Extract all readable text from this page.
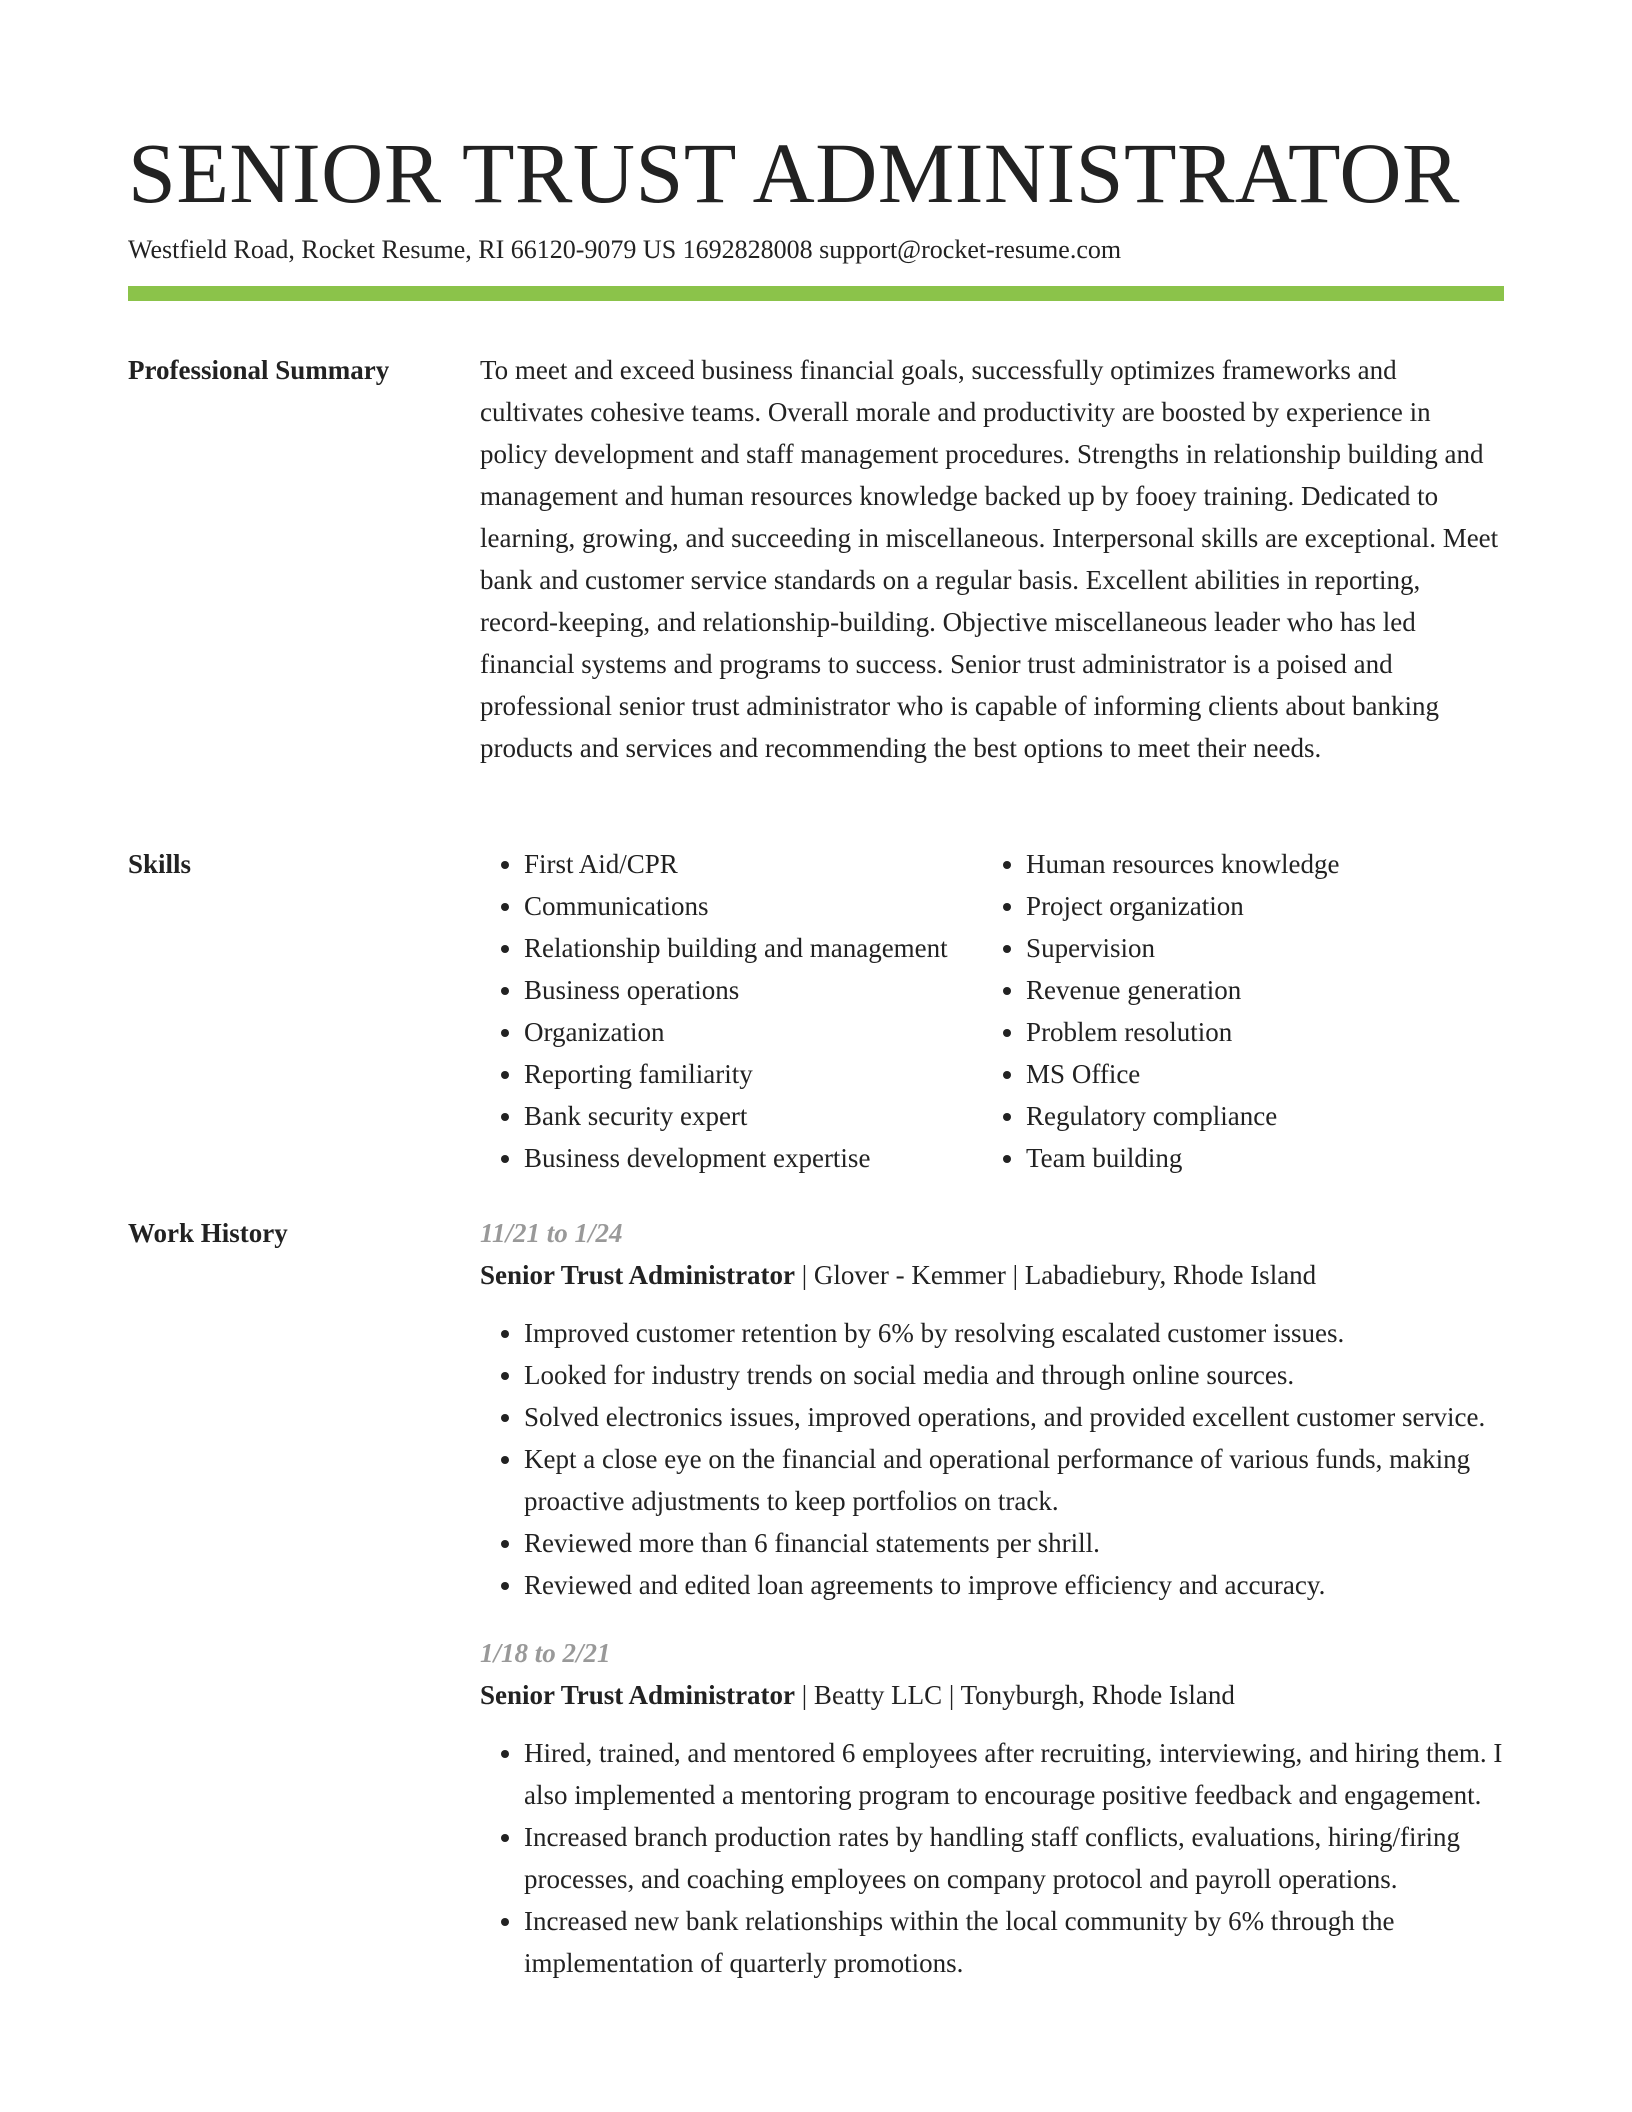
SENIOR TRUST ADMINISTRATOR
Westfield Road, Rocket Resume, RI 66120-9079 US 1692828008 support@rocket-resume.com
Professional Summary	To meet and exceed business financial goals, successfully optimizes frameworks and cultivates cohesive teams. Overall morale and productivity are boosted by experience in policy development and staff management procedures. Strengths in relationship building and management and human resources knowledge backed up by fooey training. Dedicated to learning, growing, and succeeding in miscellaneous. Interpersonal skills are exceptional. Meet bank and customer service standards on a regular basis. Excellent abilities in reporting, record-keeping, and relationship-building. Objective miscellaneous leader who has led financial systems and programs to success. Senior trust administrator is a poised and professional senior trust administrator who is capable of informing clients about banking products and services and recommending the best options to meet their needs.

Skills
•	First Aid/CPR
• Communications
• Relationship building and management
• Business operations
• Organization
• Reporting familiarity
• Bank security expert
• Business development expertise
• Human resources knowledge
• Project organization
• Supervision
• Revenue generation
• Problem resolution
• MS Office
• Regulatory compliance
• Team building
Work History	11/21 to 1/24
Senior Trust Administrator | Glover - Kemmer | Labadiebury, Rhode Island
• Improved customer retention by 6% by resolving escalated customer issues.
• Looked for industry trends on social media and through online sources.
• Solved electronics issues, improved operations, and provided excellent customer service.
• Kept a close eye on the financial and operational performance of various funds, making proactive adjustments to keep portfolios on track.
• Reviewed more than 6 financial statements per shrill.
• Reviewed and edited loan agreements to improve efficiency and accuracy.
1/18 to 2/21
Senior Trust Administrator | Beatty LLC | Tonyburgh, Rhode Island
• Hired, trained, and mentored 6 employees after recruiting, interviewing, and hiring them. I also implemented a mentoring program to encourage positive feedback and engagement.
• Increased branch production rates by handling staff conflicts, evaluations, hiring/firing processes, and coaching employees on company protocol and payroll operations.
• Increased new bank relationships within the local community by 6% through the implementation of quarterly promotions.
